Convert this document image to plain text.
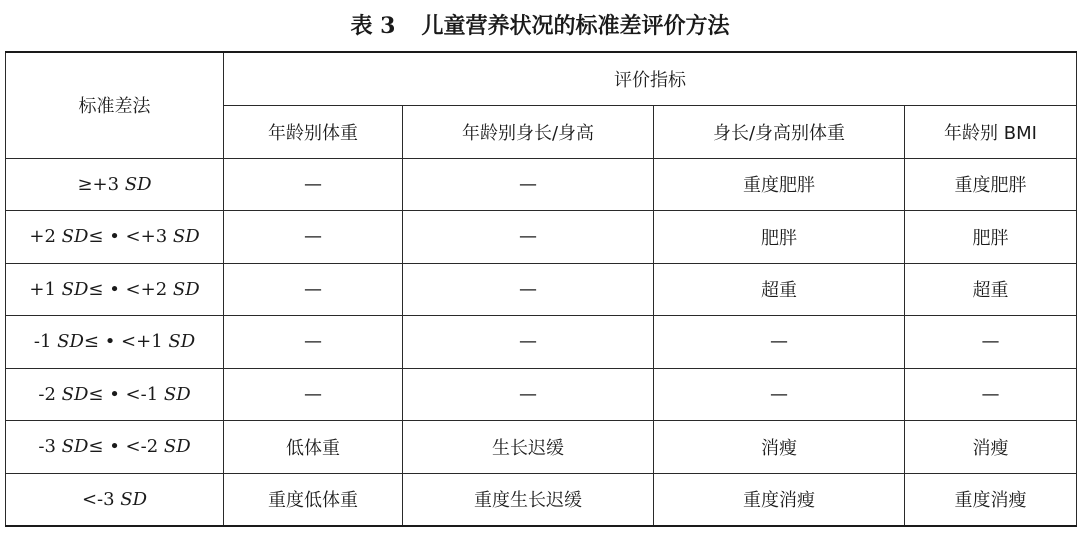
表 3 儿童营养状况的标准差评价方法
标准差法	评价指标			
	年龄别体重	年龄别身长/身高	身长/身高别体重	年龄别 BMI
≥+3 SD	—	—	重度肥胖	重度肥胖
+2 SD≤ • <+3 SD	—	—	肥胖	肥胖
+1 SD≤ • <+2 SD	—	—	超重	超重
-1 SD≤ • <+1 SD	—	—	—	—
-2 SD≤ • <-1 SD	—	—	—	—
-3 SD≤ • <-2 SD	低体重	生长迟缓	消瘦	消瘦
<-3 SD	重度低体重	重度生长迟缓	重度消瘦	重度消瘦
